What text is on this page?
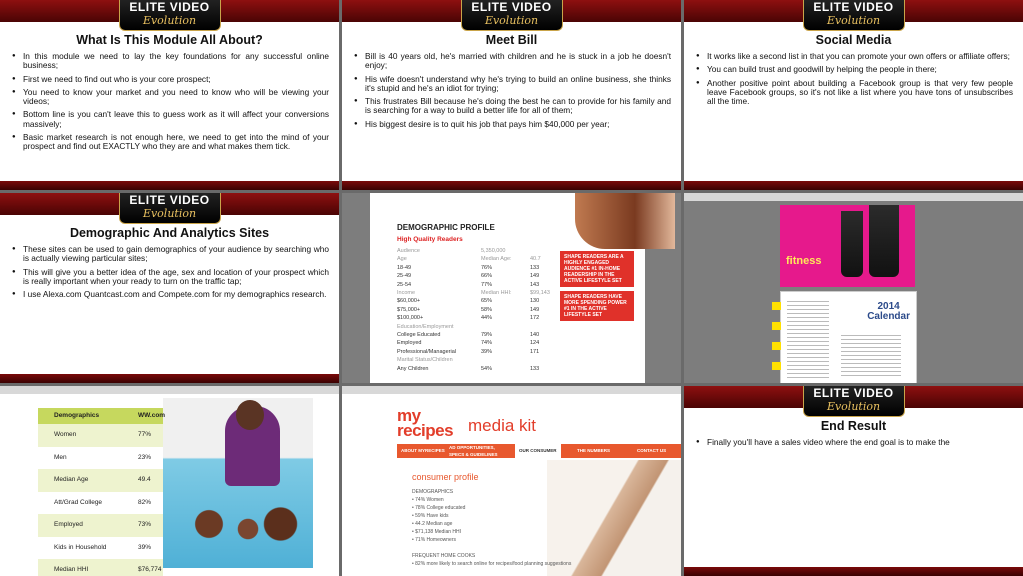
ELITE VIDEO
Evolution
What Is This Module All About?
● In this module we need to lay the key foundations for any successful online business;
● First we need to find out who is your core prospect;
● You need to know your market and you need to know who will be viewing your videos;
● Bottom line is you can't leave this to guess work as it will affect your conversions massively;
● Basic market research is not enough here, we need to get into the mind of your prospect and find out EXACTLY who they are and what makes them tick.
ELITE VIDEO
Evolution
Meet Bill
● Bill is 40 years old, he's married with children and he is stuck in a job he doesn't enjoy;
● His wife doesn't understand why he's trying to build an online business, she thinks it's stupid and he's an idiot for trying;
● This frustrates Bill because he's doing the best he can to provide for his family and is searching for a way to build a better life for all of them;
● His biggest desire is to quit his job that pays him $40,000 per year;
ELITE VIDEO
Evolution
Social Media
● It works like a second list in that you can promote your own offers or affiliate offers;
● You can build trust and goodwill by helping the people in there;
● Another positive point about building a Facebook group is that very few people leave Facebook groups, so it's not like a list where you have tons of unsubscribes all the time.
ELITE VIDEO
Evolution
Demographic And Analytics Sites
● These sites can be used to gain demographics of your audience by searching who is actually viewing particular sites;
● This will give you a better idea of the age, sex and location of your prospect which is really important when your ready to turn on the traffic tap;
● I use Alexa.com Quantcast.com and Compete.com for my demographics research.
DEMOGRAPHIC PROFILE
High Quality Readers
Audience	5,350,000
Age	Median Age:	40.7
18-49	76%	133
25-49	66%	149
25-54	77%	143
Income	Median HHI:	$99,143
$60,000+	65%	130
$75,000+	58%	149
$100,000+	44%	172
Education/Employment
College Educated	79%	140
Employed	74%	124
Professional/Managerial	39%	171
Marital Status/Children
Any Children	54%	133
SHAPE READERS ARE A HIGHLY ENGAGED AUDIENCE #1 IN-HOME READERSHIP IN THE ACTIVE LIFESTYLE SET
SHAPE READERS HAVE MORE SPENDING POWER #1 IN THE ACTIVE LIFESTYLE SET
fitness
2014
Calendar
Demographics	WW.com
Women	77%
Men	23%
Median Age	49.4
Att/Grad College	82%
Employed	73%
Kids in Household	39%
Median HHI	$76,774
my
recipes media kit
ABOUT MYRECIPES
AD OPPORTUNITIES, SPECS & GUIDELINES
OUR CONSUMER	THE NUMBERS	CONTACT US
consumer profile
DEMOGRAPHICS
• 74% Women
• 78% College educated
• 59% Have kids
• 44.2 Median age
• $71,138 Median HHI
• 71% Homeowners
FREQUENT HOME COOKS
• 82% more likely to search online for recipes/food planning suggestions
ELITE VIDEO
Evolution
End Result
● Finally you'll have a sales video where the end goal is to make the
